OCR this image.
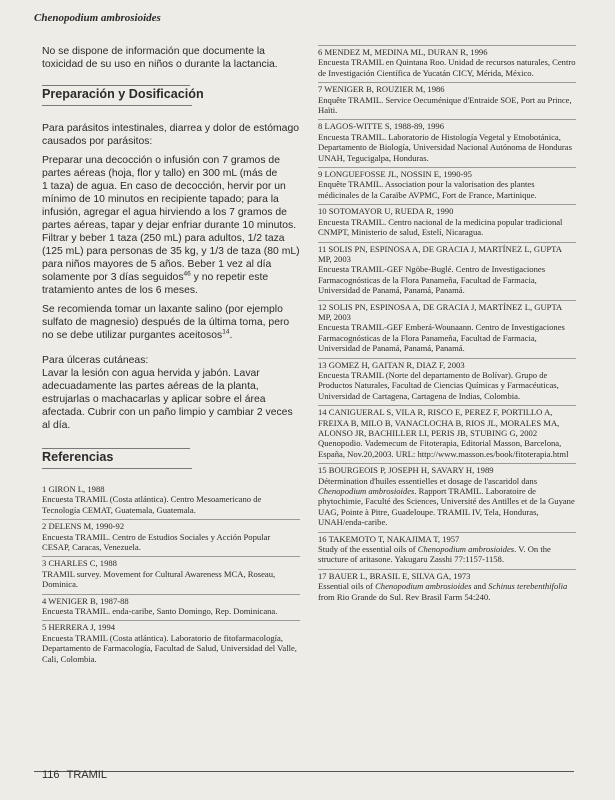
Chenopodium ambrosioides

No se dispone de información que documente la toxicidad de su uso en niños o durante la lactancia.

Preparación y Dosificación

Para parásitos intestinales, diarrea y dolor de estómago causados por parásitos:

Preparar una decocción o infusión con 7 gramos de partes aéreas (hoja, flor y tallo) en 300 mL (más de
1 taza) de agua. En caso de decocción, hervir por un mínimo de 10 minutos en recipiente tapado; para la infusión, agregar el agua hirviendo a los 7 gramos de partes aéreas, tapar y dejar enfriar durante 10 minutos. Filtrar y beber 1 taza (250 mL) para adultos, 1/2 taza (125 mL) para personas de 35 kg, y 1/3 de taza (80 mL) para niños mayores de 5 años. Beber 1 vez al día solamente por 3 días seguidos$^{46}$ y no repetir este tratamiento antes de los 6 meses.

Se recomienda tomar un laxante salino (por ejemplo sulfato de magnesio) después de la última toma, pero no se debe utilizar purgantes aceitosos$^{14}$.

Para úlceras cutáneas:

Lavar la lesión con agua hervida y jabón. Lavar adecuadamente las partes aéreas de la planta, estrujarlas o machacarlas y aplicar sobre el área afectada. Cubrir con un paño limpio y cambiar 2 veces al día.

Referencias
1 GIRON L, 1988
Encuesta TRAMIL (Costa atlántica). Centro Mesoamericano de Tecnología CEMAT, Guatemala, Guatemala.
2 DELENS M, 1990-92
Encuesta TRAMIL. Centro de Estudios Sociales y Acción Popular CESAP, Caracas, Venezuela.
3 CHARLES C, 1988
TRAMIL survey. Movement for Cultural Awareness MCA, Roseau, Dominica.
4 WENIGER B, 1987-88
Encuesta TRAMIL. enda-caribe, Santo Domingo, Rep. Dominicana.
5 HERRERA J, 1994
Encuesta TRAMIL (Costa atlántica). Laboratorio de fitofarmacología, Departamento de Farmacología, Facultad de Salud, Universidad del Valle, Cali, Colombia.
6 MENDEZ M, MEDINA ML, DURAN R, 1996
Encuesta TRAMIL en Quintana Roo. Unidad de recursos naturales, Centro de Investigación Científica de Yucatán CICY, Mérida, México.
7 WENIGER B, ROUZIER M, 1986
Enquête TRAMIL. Service Oecuménique d'Entraide SOE, Port au Prince, Haïti.
8 LAGOS-WITTE S, 1988-89, 1996
Encuesta TRAMIL. Laboratorio de Histología Vegetal y Etnobotánica, Departamento de Biología, Universidad Nacional Autónoma de Honduras UNAH, Tegucigalpa, Honduras.
9 LONGUEFOSSE JL, NOSSIN E, 1990-95
Enquête TRAMIL. Association pour la valorisation des plantes médicinales de la Caraïbe AVPMC, Fort de France, Martinique.
10 SOTOMAYOR U, RUEDA R, 1990
Encuesta TRAMIL. Centro nacional de la medicina popular tradicional CNMPT, Ministerio de salud, Estelí, Nicaragua.
11 SOLIS PN, ESPINOSA A, DE GRACIA J, MARTÍNEZ L, GUPTA MP, 2003
Encuesta TRAMIL-GEF Ngöbe-Buglé. Centro de Investigaciones Farmacognósticas de la Flora Panameña, Facultad de Farmacia, Universidad de Panamá, Panamá, Panamá.
12 SOLIS PN, ESPINOSA A, DE GRACIA J, MARTÍNEZ L, GUPTA MP, 2003
Encuesta TRAMIL-GEF Emberá-Wounaann. Centro de Investigaciones Farmacognósticas de la Flora Panameña, Facultad de Farmacia, Universidad de Panamá, Panamá, Panamá.
13 GOMEZ H, GAITAN R, DIAZ F, 2003
Encuesta TRAMIL (Norte del departamento de Bolívar). Grupo de Productos Naturales, Facultad de Ciencias Químicas y Farmacéuticas, Universidad de Cartagena, Cartagena de Indias, Colombia.
14 CANIGUERAL S, VILA R, RISCO E, PEREZ F, PORTILLO A, FREIXA B, MILO B, VANACLOCHA B, RIOS JL, MORALES MA, ALONSO JR, BACHILLER LI, PERIS JB, STUBING G, 2002
Quenopodio. Vademecum de Fitoterapia, Editorial Masson, Barcelona, España, Nov.20,2003. URL: http://www.masson.es/book/fitoterapia.html
15 BOURGEOIS P, JOSEPH H, SAVARY H, 1989
Détermination d'huiles essentielles et dosage de l'ascaridol dans Chenopodium ambrosioides. Rapport TRAMIL. Laboratoire de phytochimie, Faculté des Sciences, Université des Antilles et de la Guyane UAG, Pointe à Pitre, Guadeloupe. TRAMIL IV, Tela, Honduras, UNAH/enda-caribe.
16 TAKEMOTO T, NAKAJIMA T, 1957
Study of the essential oils of Chenopodium ambrosioides. V. On the structure of aritasone. Yakugaru Zasshi 77:1157-1158.
17 BAUER L, BRASIL E, SILVA GA, 1973
Essential oils of Chenopodium ambrosioides and Schinus terebenthifolia from Rio Grande do Sul. Rev Brasil Farm 54:240.
116 TRAMIL
